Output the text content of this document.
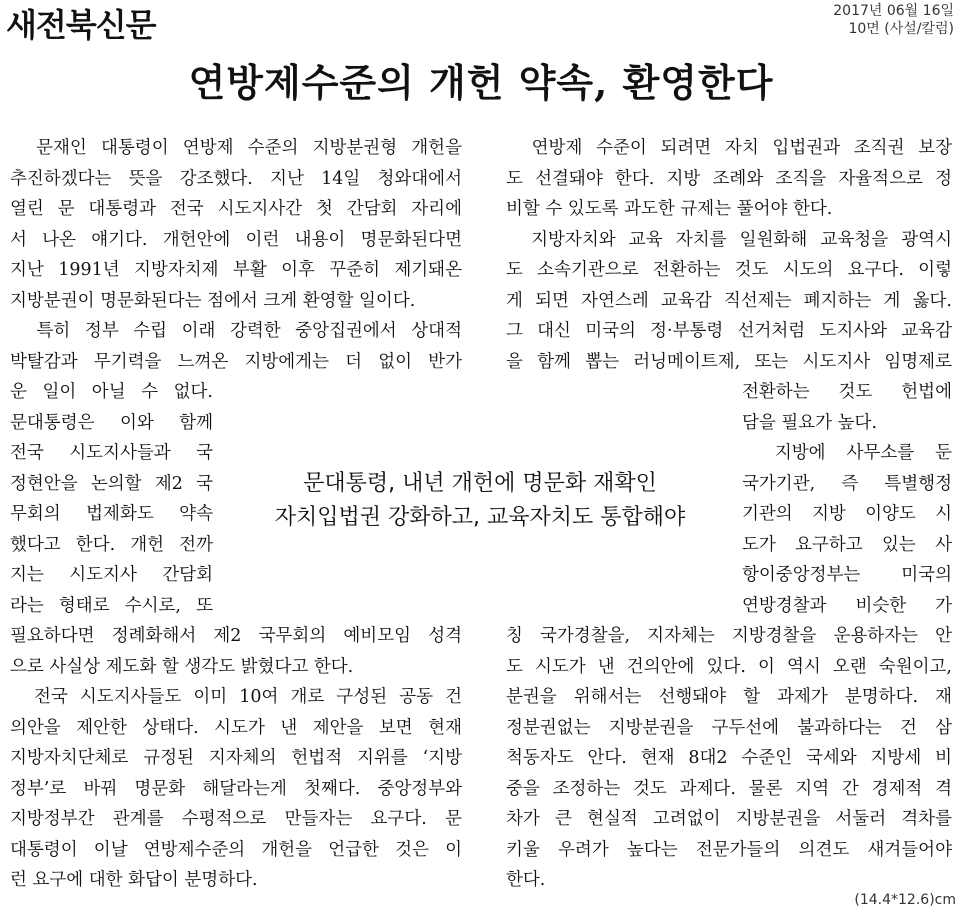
새전북신문	2017년 06월 16일
10면 (사설/칼럼)
연방제수준의 개헌 약속, 환영한다
　문재인 대통령이 연방제 수준의 지방분권형 개헌을
추진하겠다는 뜻을 강조했다. 지난 14일 청와대에서
열린 문 대통령과 전국 시도지사간 첫 간담회 자리에
서 나온 얘기다. 개헌안에 이런 내용이 명문화된다면
지난 1991년 지방자치제 부활 이후 꾸준히 제기돼온
지방분권이 명문화된다는 점에서 크게 환영할 일이다.
　특히 정부 수립 이래 강력한 중앙집권에서 상대적
박탈감과 무기력을 느껴온 지방에게는 더 없이 반가
운 일이 아닐 수 없다.
문대통령은 이와 함께
전국 시도지사들과 국
정현안을 논의할 제2 국
무회의 법제화도 약속
했다고 한다. 개헌 전까
지는 시도지사 간담회
라는 형태로 수시로, 또
필요하다면 정례화해서 제2 국무회의 예비모임 성격
으로 사실상 제도화 할 생각도 밝혔다고 한다.
　전국 시도지사들도 이미 10여 개로 구성된 공동 건
의안을 제안한 상태다. 시도가 낸 제안을 보면 현재
지방자치단체로 규정된 지자체의 헌법적 지위를 ‘지방
정부’로 바꿔 명문화 해달라는게 첫째다. 중앙정부와
지방정부간 관계를 수평적으로 만들자는 요구다. 문
대통령이 이날 연방제수준의 개헌을 언급한 것은 이
런 요구에 대한 화답이 분명하다.
　연방제 수준이 되려면 자치 입법권과 조직권 보장
도 선결돼야 한다. 지방 조례와 조직을 자율적으로 정
비할 수 있도록 과도한 규제는 풀어야 한다.
　지방자치와 교육 자치를 일원화해 교육청을 광역시
도 소속기관으로 전환하는 것도 시도의 요구다. 이렇
게 되면 자연스레 교육감 직선제는 폐지하는 게 옳다.
그 대신 미국의 정·부통령 선거처럼 도지사와 교육감
을 함께 뽑는 러닝메이트제, 또는 시도지사 임명제로
전환하는 것도 헌법에
담을 필요가 높다.
　지방에 사무소를 둔
국가기관, 즉 특별행정
기관의 지방 이양도 시
도가 요구하고 있는 사
항이중앙정부는 미국의
연방경찰과 비슷한 가
칭 국가경찰을, 지자체는 지방경찰을 운용하자는 안
도 시도가 낸 건의안에 있다. 이 역시 오랜 숙원이고,
분권을 위해서는 선행돼야 할 과제가 분명하다. 재
정분권없는 지방분권을 구두선에 불과하다는 건 삼
척동자도 안다. 현재 8대2 수준인 국세와 지방세 비
중을 조정하는 것도 과제다. 물론 지역 간 경제적 격
차가 큰 현실적 고려없이 지방분권을 서둘러 격차를
키울 우려가 높다는 전문가들의 의견도 새겨들어야
한다.
문대통령, 내년 개헌에 명문화 재확인
자치입법권 강화하고, 교육자치도 통합해야
(14.4*12.6)cm
